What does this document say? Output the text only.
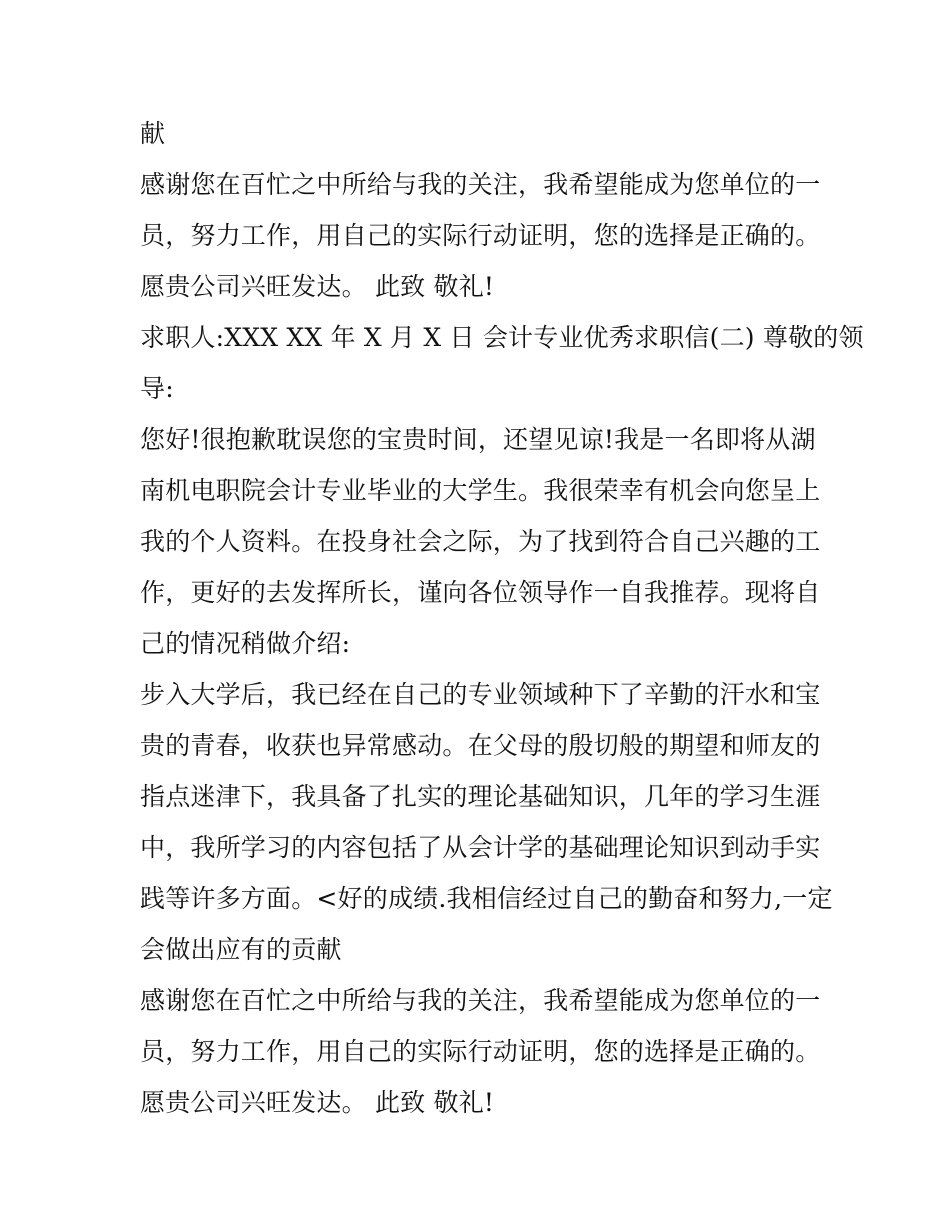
献
感谢您在百忙之中所给与我的关注，我希望能成为您单位的一
员，努力工作，用自己的实际行动证明，您的选择是正确的。
愿贵公司兴旺发达。 此致 敬礼!
求职人:XXX XX 年 X 月 X 日 会计专业优秀求职信(二) 尊敬的领
导:
您好!很抱歉耽误您的宝贵时间，还望见谅!我是一名即将从湖
南机电职院会计专业毕业的大学生。我很荣幸有机会向您呈上
我的个人资料。在投身社会之际，为了找到符合自己兴趣的工
作，更好的去发挥所长，谨向各位领导作一自我推荐。现将自
己的情况稍做介绍:
步入大学后，我已经在自己的专业领域种下了辛勤的汗水和宝
贵的青春，收获也异常感动。在父母的殷切般的期望和师友的
指点迷津下，我具备了扎实的理论基础知识，几年的学习生涯
中，我所学习的内容包括了从会计学的基础理论知识到动手实
践等许多方面。<好的成绩.我相信经过自己的勤奋和努力,一定
会做出应有的贡献
感谢您在百忙之中所给与我的关注，我希望能成为您单位的一
员，努力工作，用自己的实际行动证明，您的选择是正确的。
愿贵公司兴旺发达。 此致 敬礼!
